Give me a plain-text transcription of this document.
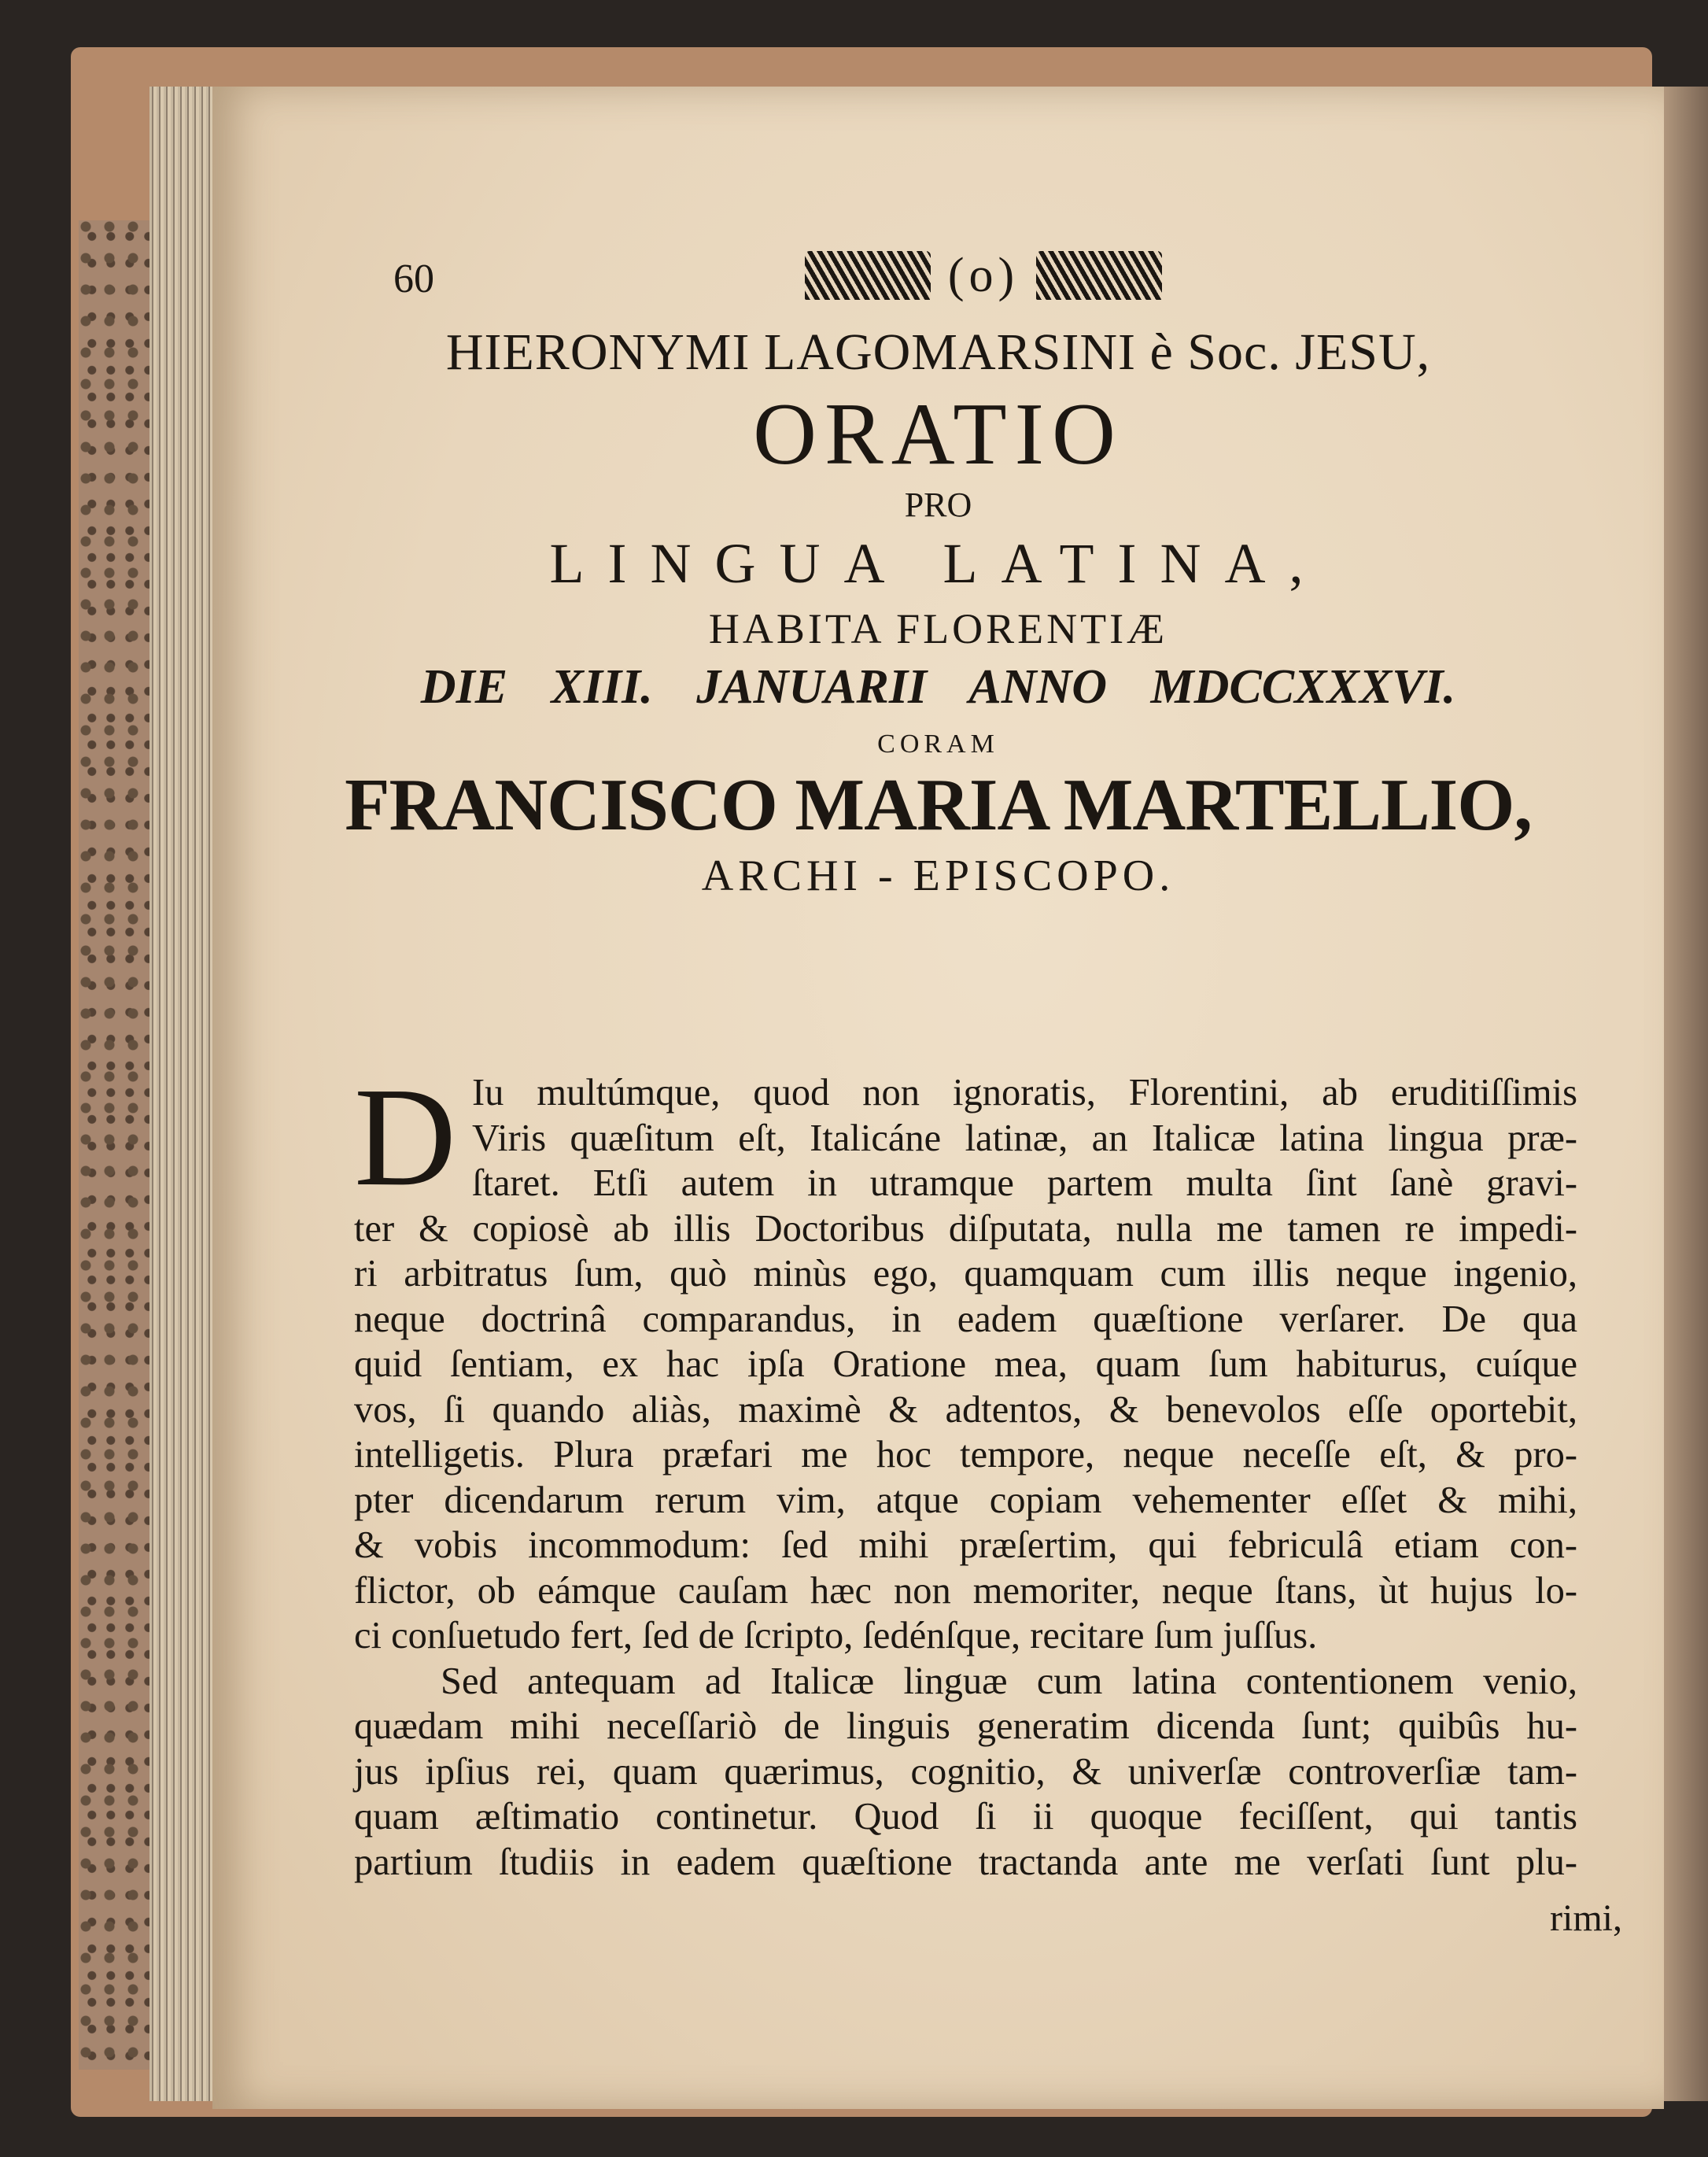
60	(o)
HIERONYMI LAGOMARSINI è Soc. JESU,
ORATIO
PRO
LINGUA LATINA,
HABITA FLORENTIÆ
DIE XIII. JANUARII ANNO MDCCXXXVI.
CORAM
FRANCISCO MARIA MARTELLIO,
ARCHI - EPISCOPO.
D Iu multúmque, quod non ignoratis, Florentini, ab eruditiſſimis
Viris quæſitum eſt, Italicáne latinæ, an Italicæ latina lingua præ-
ſtaret. Etſi autem in utramque partem multa ſint ſanè gravi-
ter & copiosè ab illis Doctoribus diſputata, nulla me tamen re impedi-
ri arbitratus ſum, quò minùs ego, quamquam cum illis neque ingenio,
neque doctrinâ comparandus, in eadem quæſtione verſarer. De qua
quid ſentiam, ex hac ipſa Oratione mea, quam ſum habiturus, cuíque
vos, ſi quando aliàs, maximè & adtentos, & benevolos eſſe oportebit,
intelligetis. Plura præfari me hoc tempore, neque neceſſe eſt, & pro-
pter dicendarum rerum vim, atque copiam vehementer eſſet & mihi,
& vobis incommodum: ſed mihi præſertim, qui febriculâ etiam con-
flictor, ob eámque cauſam hæc non memoriter, neque ſtans, ùt hujus lo-
ci conſuetudo fert, ſed de ſcripto, ſedénſque, recitare ſum juſſus.
Sed antequam ad Italicæ linguæ cum latina contentionem venio,
quædam mihi neceſſariò de linguis generatim dicenda ſunt; quibûs hu-
jus ipſius rei, quam quærimus, cognitio, & univerſæ controverſiæ tam-
quam æſtimatio continetur. Quod ſi ii quoque feciſſent, qui tantis
partium ſtudiis in eadem quæſtione tractanda ante me verſati ſunt plu-
rimi,
